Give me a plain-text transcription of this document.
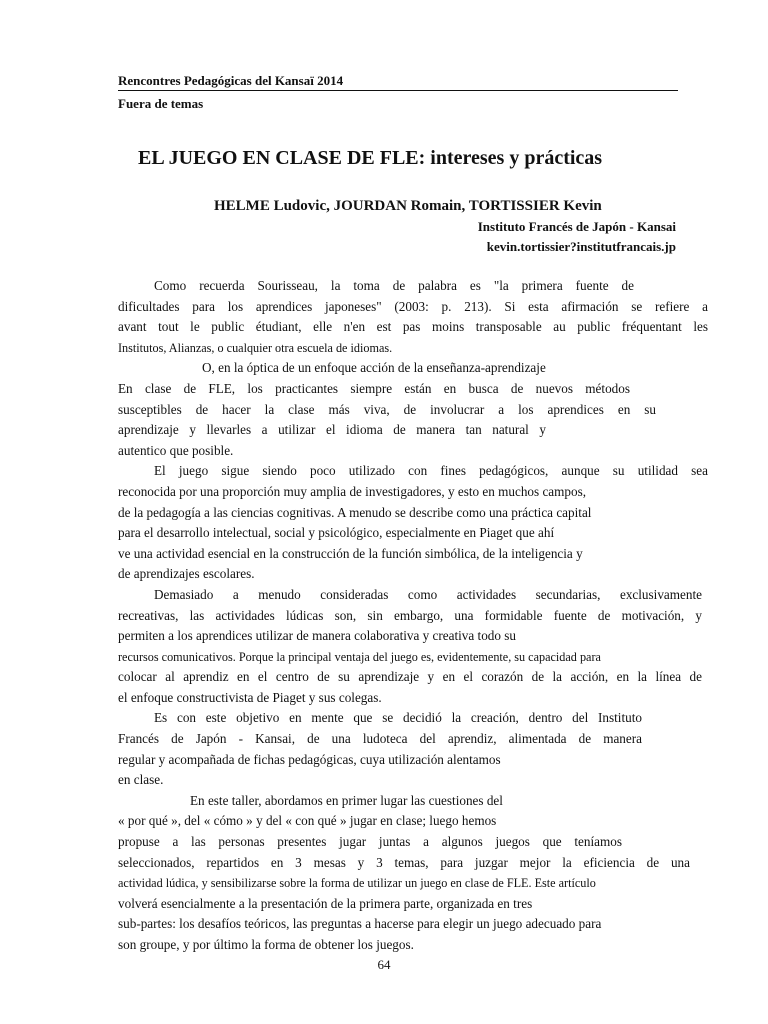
Rencontres Pedagógicas del Kansaï 2014
Fuera de temas
EL JUEGO EN CLASE DE FLE: intereses y prácticas
HELME Ludovic, JOURDAN Romain, TORTISSIER Kevin
Instituto Francés de Japón - Kansai
kevin.tortissier?institutfrancais.jp
Como recuerda Sourisseau, la toma de palabra es "la primera fuente de
dificultades para los aprendices japoneses" (2003: p. 213). Si esta afirmación se refiere a
avant tout le public étudiant, elle n'en est pas moins transposable au public fréquentant les
Institutos, Alianzas, o cualquier otra escuela de idiomas.
O, en la óptica de un enfoque acción de la enseñanza-aprendizaje
En clase de FLE, los practicantes siempre están en busca de nuevos métodos
susceptibles de hacer la clase más viva, de involucrar a los aprendices en su
aprendizaje y llevarles a utilizar el idioma de manera tan natural y
autentico que posible.
El juego sigue siendo poco utilizado con fines pedagógicos, aunque su utilidad sea
reconocida por una proporción muy amplia de investigadores, y esto en muchos campos,
de la pedagogía a las ciencias cognitivas. A menudo se describe como una práctica capital
para el desarrollo intelectual, social y psicológico, especialmente en Piaget que ahí
ve una actividad esencial en la construcción de la función simbólica, de la inteligencia y
de aprendizajes escolares.
Demasiado a menudo consideradas como actividades secundarias, exclusivamente
recreativas, las actividades lúdicas son, sin embargo, una formidable fuente de motivación, y
permiten a los aprendices utilizar de manera colaborativa y creativa todo su
recursos comunicativos. Porque la principal ventaja del juego es, evidentemente, su capacidad para
colocar al aprendiz en el centro de su aprendizaje y en el corazón de la acción, en la línea de
el enfoque constructivista de Piaget y sus colegas.
Es con este objetivo en mente que se decidió la creación, dentro del Instituto
Francés de Japón - Kansai, de una ludoteca del aprendiz, alimentada de manera
regular y acompañada de fichas pedagógicas, cuya utilización alentamos
en clase.
En este taller, abordamos en primer lugar las cuestiones del
« por qué », del « cómo » y del « con qué » jugar en clase; luego hemos
propuse a las personas presentes jugar juntas a algunos juegos que teníamos
seleccionados, repartidos en 3 mesas y 3 temas, para juzgar mejor la eficiencia de una
actividad lúdica, y sensibilizarse sobre la forma de utilizar un juego en clase de FLE. Este artículo
volverá esencialmente a la presentación de la primera parte, organizada en tres
sub-partes: los desafíos teóricos, las preguntas a hacerse para elegir un juego adecuado para
son groupe, y por último la forma de obtener los juegos.
64
